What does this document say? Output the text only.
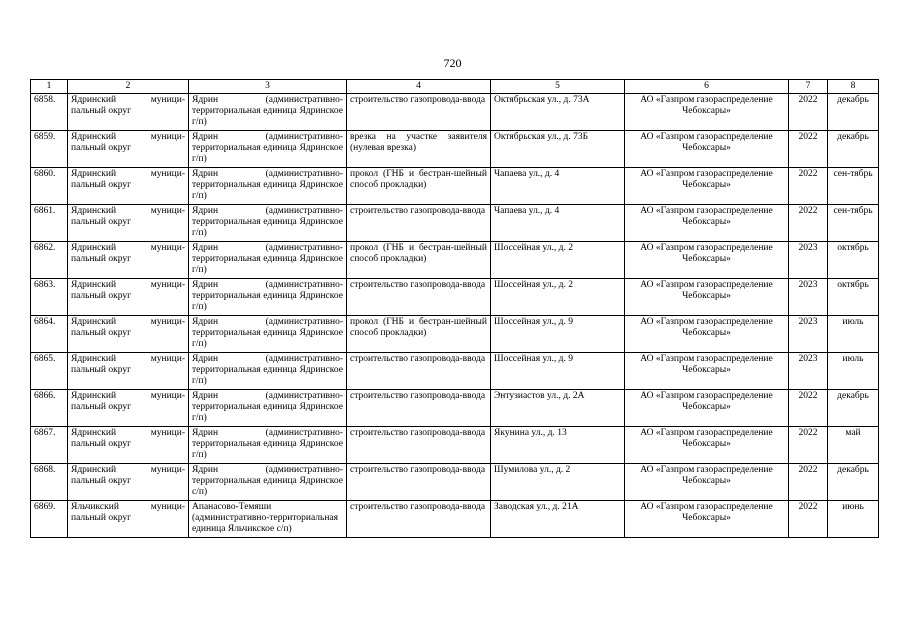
720
1	2	3	4	5	6	7	8
6858.	Ядринский муници-пальный округ	Ядрин (административно-территориальная единица Ядринское г/п)	строительство газопровода-ввода	Октябрьская ул., д. 73А	АО «Газпром газораспределение Чебоксары»	2022	декабрь
6859.	Ядринский муници-пальный округ	Ядрин (административно-территориальная единица Ядринское г/п)	врезка на участке заявителя (нулевая врезка)	Октябрьская ул., д. 73Б	АО «Газпром газораспределение Чебоксары»	2022	декабрь
6860.	Ядринский муници-пальный округ	Ядрин (административно-территориальная единица Ядринское г/п)	прокол (ГНБ и бестран-шейный способ прокладки)	Чапаева ул., д. 4	АО «Газпром газораспределение Чебоксары»	2022	сен-тябрь
6861.	Ядринский муници-пальный округ	Ядрин (административно-территориальная единица Ядринское г/п)	строительство газопровода-ввода	Чапаева ул., д. 4	АО «Газпром газораспределение Чебоксары»	2022	сен-тябрь
6862.	Ядринский муници-пальный округ	Ядрин (административно-территориальная единица Ядринское г/п)	прокол (ГНБ и бестран-шейный способ прокладки)	Шоссейная ул., д. 2	АО «Газпром газораспределение Чебоксары»	2023	октябрь
6863.	Ядринский муници-пальный округ	Ядрин (административно-территориальная единица Ядринское г/п)	строительство газопровода-ввода	Шоссейная ул., д. 2	АО «Газпром газораспределение Чебоксары»	2023	октябрь
6864.	Ядринский муници-пальный округ	Ядрин (административно-территориальная единица Ядринское г/п)	прокол (ГНБ и бестран-шейный способ прокладки)	Шоссейная ул., д. 9	АО «Газпром газораспределение Чебоксары»	2023	июль
6865.	Ядринский муници-пальный округ	Ядрин (административно-территориальная единица Ядринское г/п)	строительство газопровода-ввода	Шоссейная ул., д. 9	АО «Газпром газораспределение Чебоксары»	2023	июль
6866.	Ядринский муници-пальный округ	Ядрин (административно-территориальная единица Ядринское г/п)	строительство газопровода-ввода	Энтузиастов ул., д. 2А	АО «Газпром газораспределение Чебоксары»	2022	декабрь
6867.	Ядринский муници-пальный округ	Ядрин (административно-территориальная единица Ядринское г/п)	строительство газопровода-ввода	Якунина ул., д. 13	АО «Газпром газораспределение Чебоксары»	2022	май
6868.	Ядринский муници-пальный округ	Ядрин (административно-территориальная единица Ядринское с/п)	строительство газопровода-ввода	Шумилова ул., д. 2	АО «Газпром газораспределение Чебоксары»	2022	декабрь
6869.	Яльчикский муници-пальный округ	Апанасово-Темяши (административно-территориальная единица Яльчикское с/п)	строительство газопровода-ввода	Заводская ул., д. 21А	АО «Газпром газораспределение Чебоксары»	2022	июнь
